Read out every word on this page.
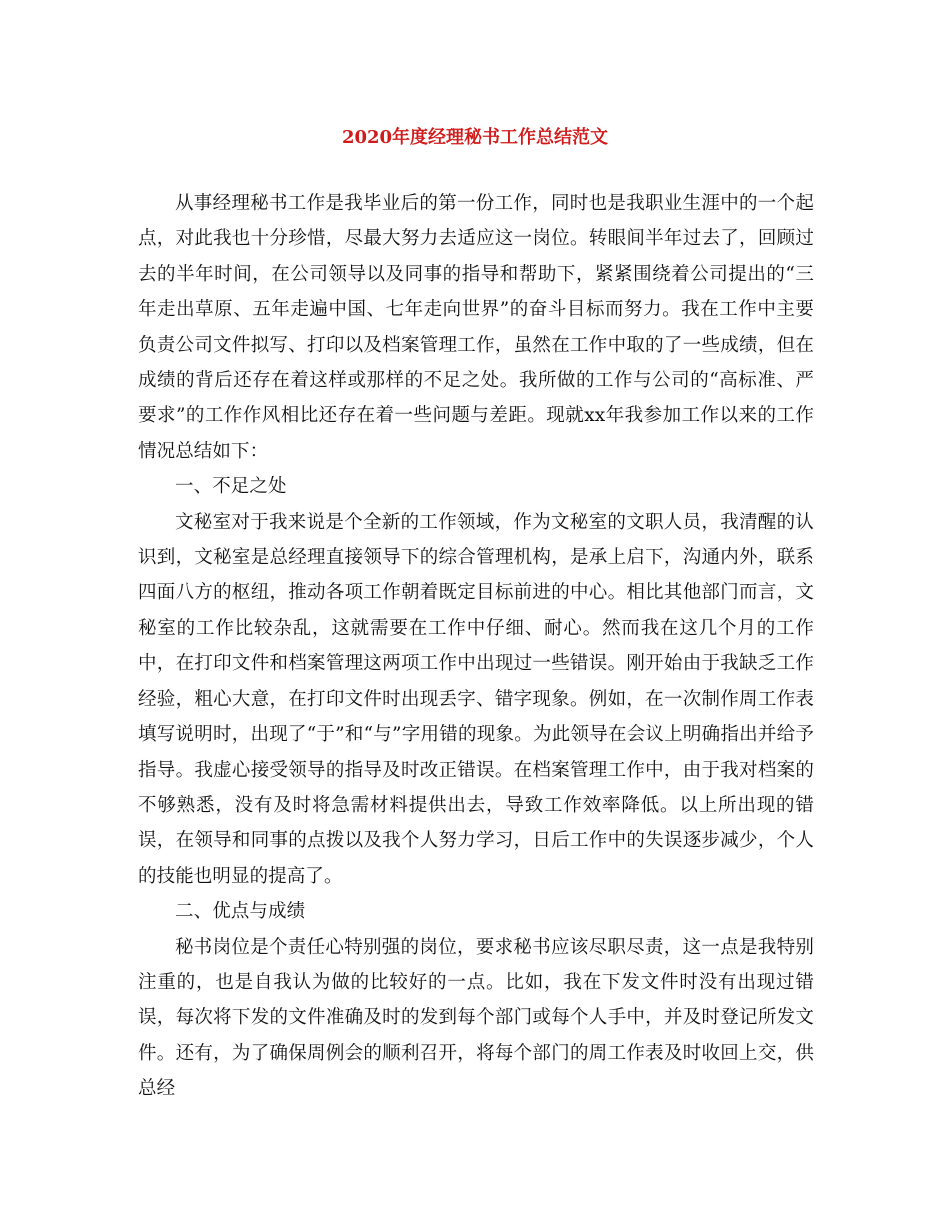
2020年度经理秘书工作总结范文

从事经理秘书工作是我毕业后的第一份工作，同时也是我职业生涯中的一个起点，对此我也十分珍惜，尽最大努力去适应这一岗位。转眼间半年过去了，回顾过去的半年时间，在公司领导以及同事的指导和帮助下，紧紧围绕着公司提出的“三年走出草原、五年走遍中国、七年走向世界”的奋斗目标而努力。我在工作中主要负责公司文件拟写、打印以及档案管理工作，虽然在工作中取的了一些成绩，但在成绩的背后还存在着这样或那样的不足之处。我所做的工作与公司的“高标准、严要求”的工作作风相比还存在着一些问题与差距。现就xx年我参加工作以来的工作情况总结如下：

一、不足之处

文秘室对于我来说是个全新的工作领域，作为文秘室的文职人员，我清醒的认识到，文秘室是总经理直接领导下的综合管理机构，是承上启下，沟通内外，联系四面八方的枢纽，推动各项工作朝着既定目标前进的中心。相比其他部门而言，文秘室的工作比较杂乱，这就需要在工作中仔细、耐心。然而我在这几个月的工作中，在打印文件和档案管理这两项工作中出现过一些错误。刚开始由于我缺乏工作经验，粗心大意，在打印文件时出现丢字、错字现象。例如，在一次制作周工作表填写说明时，出现了“于”和“与”字用错的现象。为此领导在会议上明确指出并给予指导。我虚心接受领导的指导及时改正错误。在档案管理工作中，由于我对档案的不够熟悉，没有及时将急需材料提供出去，导致工作效率降低。以上所出现的错误，在领导和同事的点拨以及我个人努力学习，日后工作中的失误逐步减少，个人的技能也明显的提高了。

二、优点与成绩

秘书岗位是个责任心特别强的岗位，要求秘书应该尽职尽责，这一点是我特别注重的，也是自我认为做的比较好的一点。比如，我在下发文件时没有出现过错误，每次将下发的文件准确及时的发到每个部门或每个人手中，并及时登记所发文件。还有，为了确保周例会的顺利召开，将每个部门的周工作表及时收回上交，供总经
